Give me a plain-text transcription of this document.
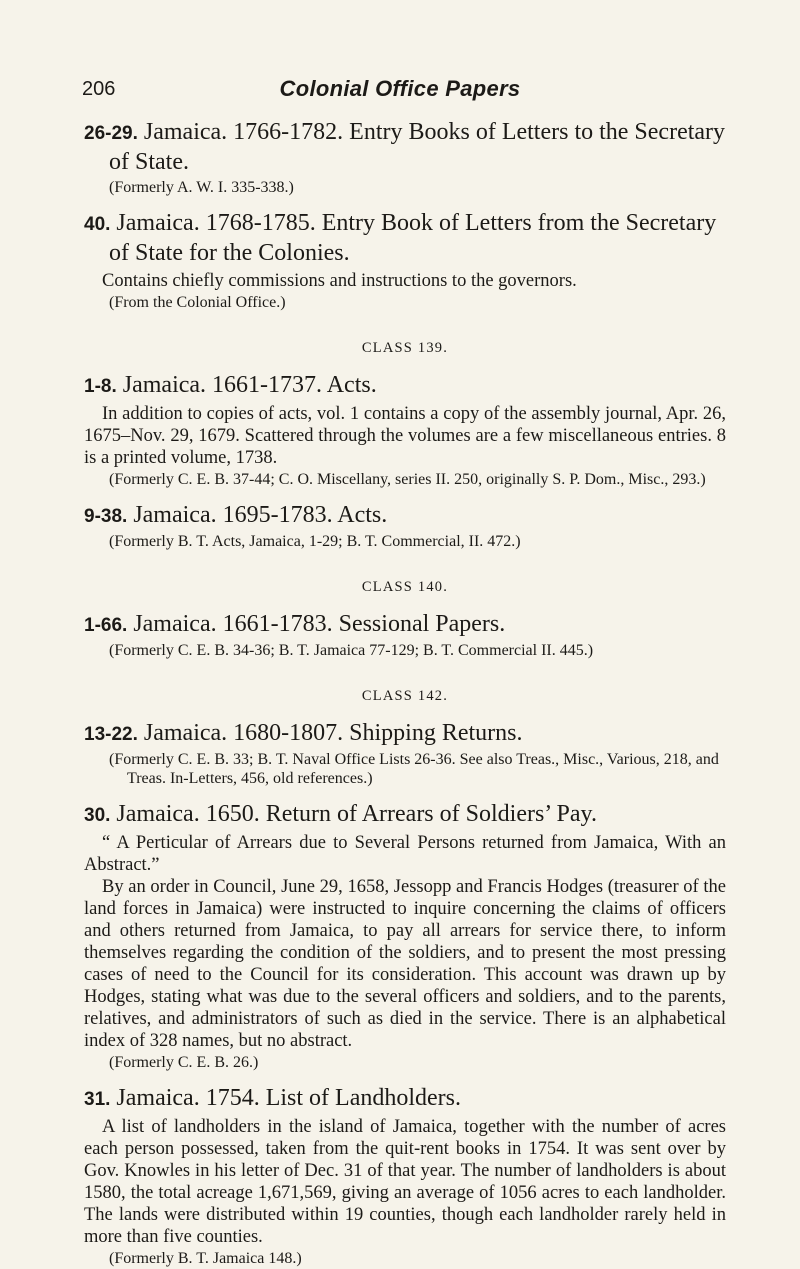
206	Colonial Office Papers

26-29. Jamaica. 1766-1782. Entry Books of Letters to the Secretary of State.

(Formerly A. W. I. 335-338.)

40. Jamaica. 1768-1785. Entry Book of Letters from the Secretary of State for the Colonies.

Contains chiefly commissions and instructions to the governors.

(From the Colonial Office.)

CLASS 139.

1-8. Jamaica. 1661-1737. Acts.

In addition to copies of acts, vol. 1 contains a copy of the assembly journal, Apr. 26, 1675–Nov. 29, 1679. Scattered through the volumes are a few miscellaneous entries. 8 is a printed volume, 1738.

(Formerly C. E. B. 37-44; C. O. Miscellany, series II. 250, originally S. P. Dom., Misc., 293.)

9-38. Jamaica. 1695-1783. Acts.

(Formerly B. T. Acts, Jamaica, 1-29; B. T. Commercial, II. 472.)

CLASS 140.

1-66. Jamaica. 1661-1783. Sessional Papers.

(Formerly C. E. B. 34-36; B. T. Jamaica 77-129; B. T. Commercial II. 445.)

CLASS 142.

13-22. Jamaica. 1680-1807. Shipping Returns.

(Formerly C. E. B. 33; B. T. Naval Office Lists 26-36. See also Treas., Misc., Various, 218, and Treas. In-Letters, 456, old references.)

30. Jamaica. 1650. Return of Arrears of Soldiers’ Pay.

“ A Perticular of Arrears due to Several Persons returned from Jamaica, With an Abstract.”

By an order in Council, June 29, 1658, Jessopp and Francis Hodges (treasurer of the land forces in Jamaica) were instructed to inquire concerning the claims of officers and others returned from Jamaica, to pay all arrears for service there, to inform themselves regarding the condition of the soldiers, and to present the most pressing cases of need to the Council for its consideration. This account was drawn up by Hodges, stating what was due to the several officers and soldiers, and to the parents, relatives, and administrators of such as died in the service. There is an alphabetical index of 328 names, but no abstract.

(Formerly C. E. B. 26.)

31. Jamaica. 1754. List of Landholders.

A list of landholders in the island of Jamaica, together with the number of acres each person possessed, taken from the quit-rent books in 1754. It was sent over by Gov. Knowles in his letter of Dec. 31 of that year. The number of landholders is about 1580, the total acreage 1,671,569, giving an average of 1056 acres to each landholder. The lands were distributed within 19 counties, though each landholder rarely held in more than five counties.

(Formerly B. T. Jamaica 148.)
